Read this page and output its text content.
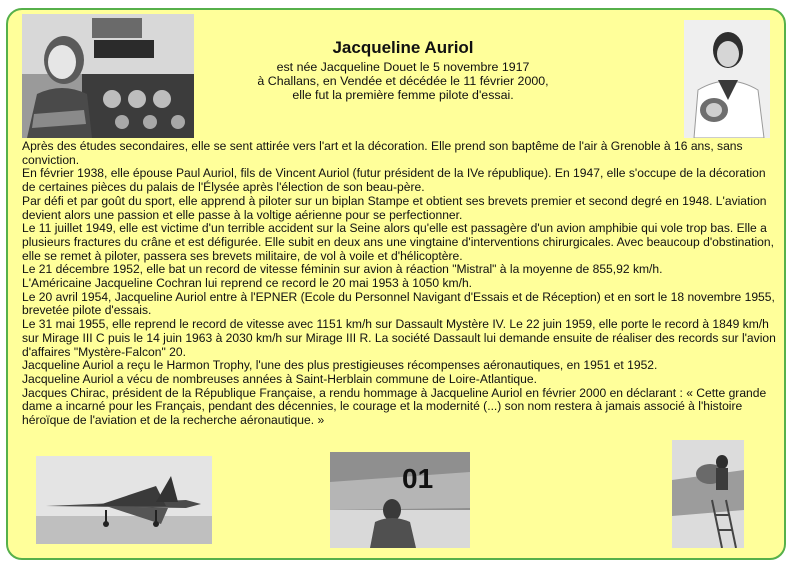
Jacqueline Auriol
est née Jacqueline Douet le 5 novembre 1917
à Challans, en Vendée et décédée le 11 février 2000,
elle fut la première femme pilote d'essai.

Après des études secondaires, elle se sent attirée vers l'art et la décoration. Elle prend son baptême de l'air à Grenoble à 16 ans, sans conviction.

En février 1938, elle épouse Paul Auriol, fils de Vincent Auriol (futur président de la IVe république). En 1947, elle s'occupe de la décoration de certaines pièces du palais de l'Élysée après l'élection de son beau-père.

Par défi et par goût du sport, elle apprend à piloter sur un biplan Stampe et obtient ses brevets premier et second degré en 1948. L'aviation devient alors une passion et elle passe à la voltige aérienne pour se perfectionner.

Le 11 juillet 1949, elle est victime d'un terrible accident sur la Seine alors qu'elle est passagère d'un avion amphibie qui vole trop bas. Elle a plusieurs fractures du crâne et est défigurée. Elle subit en deux ans une vingtaine d'interventions chirurgicales. Avec beaucoup d'obstination, elle se remet à piloter, passera ses brevets militaire, de vol à voile et d'hélicoptère.

Le 21 décembre 1952, elle bat un record de vitesse féminin sur avion à réaction "Mistral" à la moyenne de 855,92 km/h.

L'Américaine Jacqueline Cochran lui reprend ce record le 20 mai 1953 à 1050 km/h.

Le 20 avril 1954, Jacqueline Auriol entre à l'EPNER (Ecole du Personnel Navigant d'Essais et de Réception) et en sort le 18 novembre 1955, brevetée pilote d'essais.

Le 31 mai 1955, elle reprend le record de vitesse avec 1151 km/h sur Dassault Mystère IV. Le 22 juin 1959, elle porte le record à 1849 km/h sur Mirage III C puis le 14 juin 1963 à 2030 km/h sur Mirage III R. La société Dassault lui demande ensuite de réaliser des records sur l'avion d'affaires "Mystère-Falcon" 20.

Jacqueline Auriol a reçu le Harmon Trophy, l'une des plus prestigieuses récompenses aéronautiques, en 1951 et 1952.

Jacqueline Auriol a vécu de nombreuses années à Saint-Herblain commune de Loire-Atlantique.

Jacques Chirac, président de la République Française, a rendu hommage à Jacqueline Auriol en février 2000 en déclarant : « Cette grande dame a incarné pour les Français, pendant des décennies, le courage et la modernité (...) son nom restera à jamais associé à l'histoire héroïque de l'aviation et de la recherche aéronautique. »

01
